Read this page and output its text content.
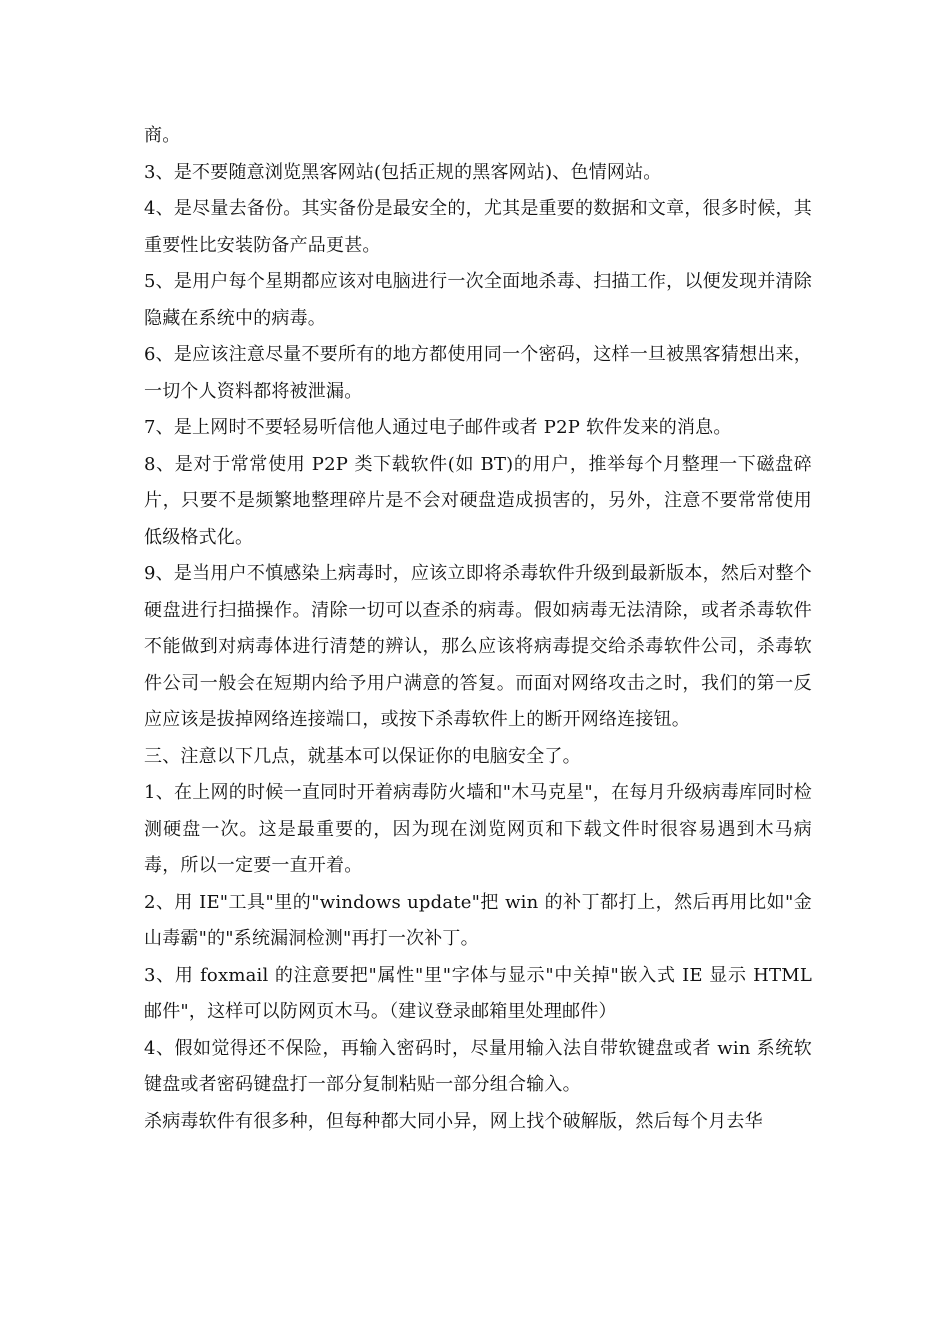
商。

3、是不要随意浏览黑客网站(包括正规的黑客网站)、色情网站。

4、是尽量去备份。其实备份是最安全的，尤其是重要的数据和文章，很多时候，其重要性比安装防备产品更甚。

5、是用户每个星期都应该对电脑进行一次全面地杀毒、扫描工作，以便发现并清除隐藏在系统中的病毒。

6、是应该注意尽量不要所有的地方都使用同一个密码，这样一旦被黑客猜想出来，一切个人资料都将被泄漏。

7、是上网时不要轻易听信他人通过电子邮件或者 P2P 软件发来的消息。

8、是对于常常使用 P2P 类下载软件(如 BT)的用户，推举每个月整理一下磁盘碎片，只要不是频繁地整理碎片是不会对硬盘造成损害的，另外，注意不要常常使用低级格式化。

9、是当用户不慎感染上病毒时，应该立即将杀毒软件升级到最新版本，然后对整个硬盘进行扫描操作。清除一切可以查杀的病毒。假如病毒无法清除，或者杀毒软件不能做到对病毒体进行清楚的辨认，那么应该将病毒提交给杀毒软件公司，杀毒软件公司一般会在短期内给予用户满意的答复。而面对网络攻击之时，我们的第一反应应该是拔掉网络连接端口，或按下杀毒软件上的断开网络连接钮。

三、注意以下几点，就基本可以保证你的电脑安全了。

1、在上网的时候一直同时开着病毒防火墙和"木马克星"，在每月升级病毒库同时检测硬盘一次。这是最重要的，因为现在浏览网页和下载文件时很容易遇到木马病毒，所以一定要一直开着。

2、用 IE"工具"里的"windows update"把 win 的补丁都打上，然后再用比如"金山毒霸"的"系统漏洞检测"再打一次补丁。

3、用 foxmail 的注意要把"属性"里"字体与显示"中关掉"嵌入式 IE 显示 HTML 邮件"，这样可以防网页木马。（建议登录邮箱里处理邮件）

4、假如觉得还不保险，再输入密码时，尽量用输入法自带软键盘或者 win 系统软键盘或者密码键盘打一部分复制粘贴一部分组合输入。

杀病毒软件有很多种，但每种都大同小异，网上找个破解版，然后每个月去华
